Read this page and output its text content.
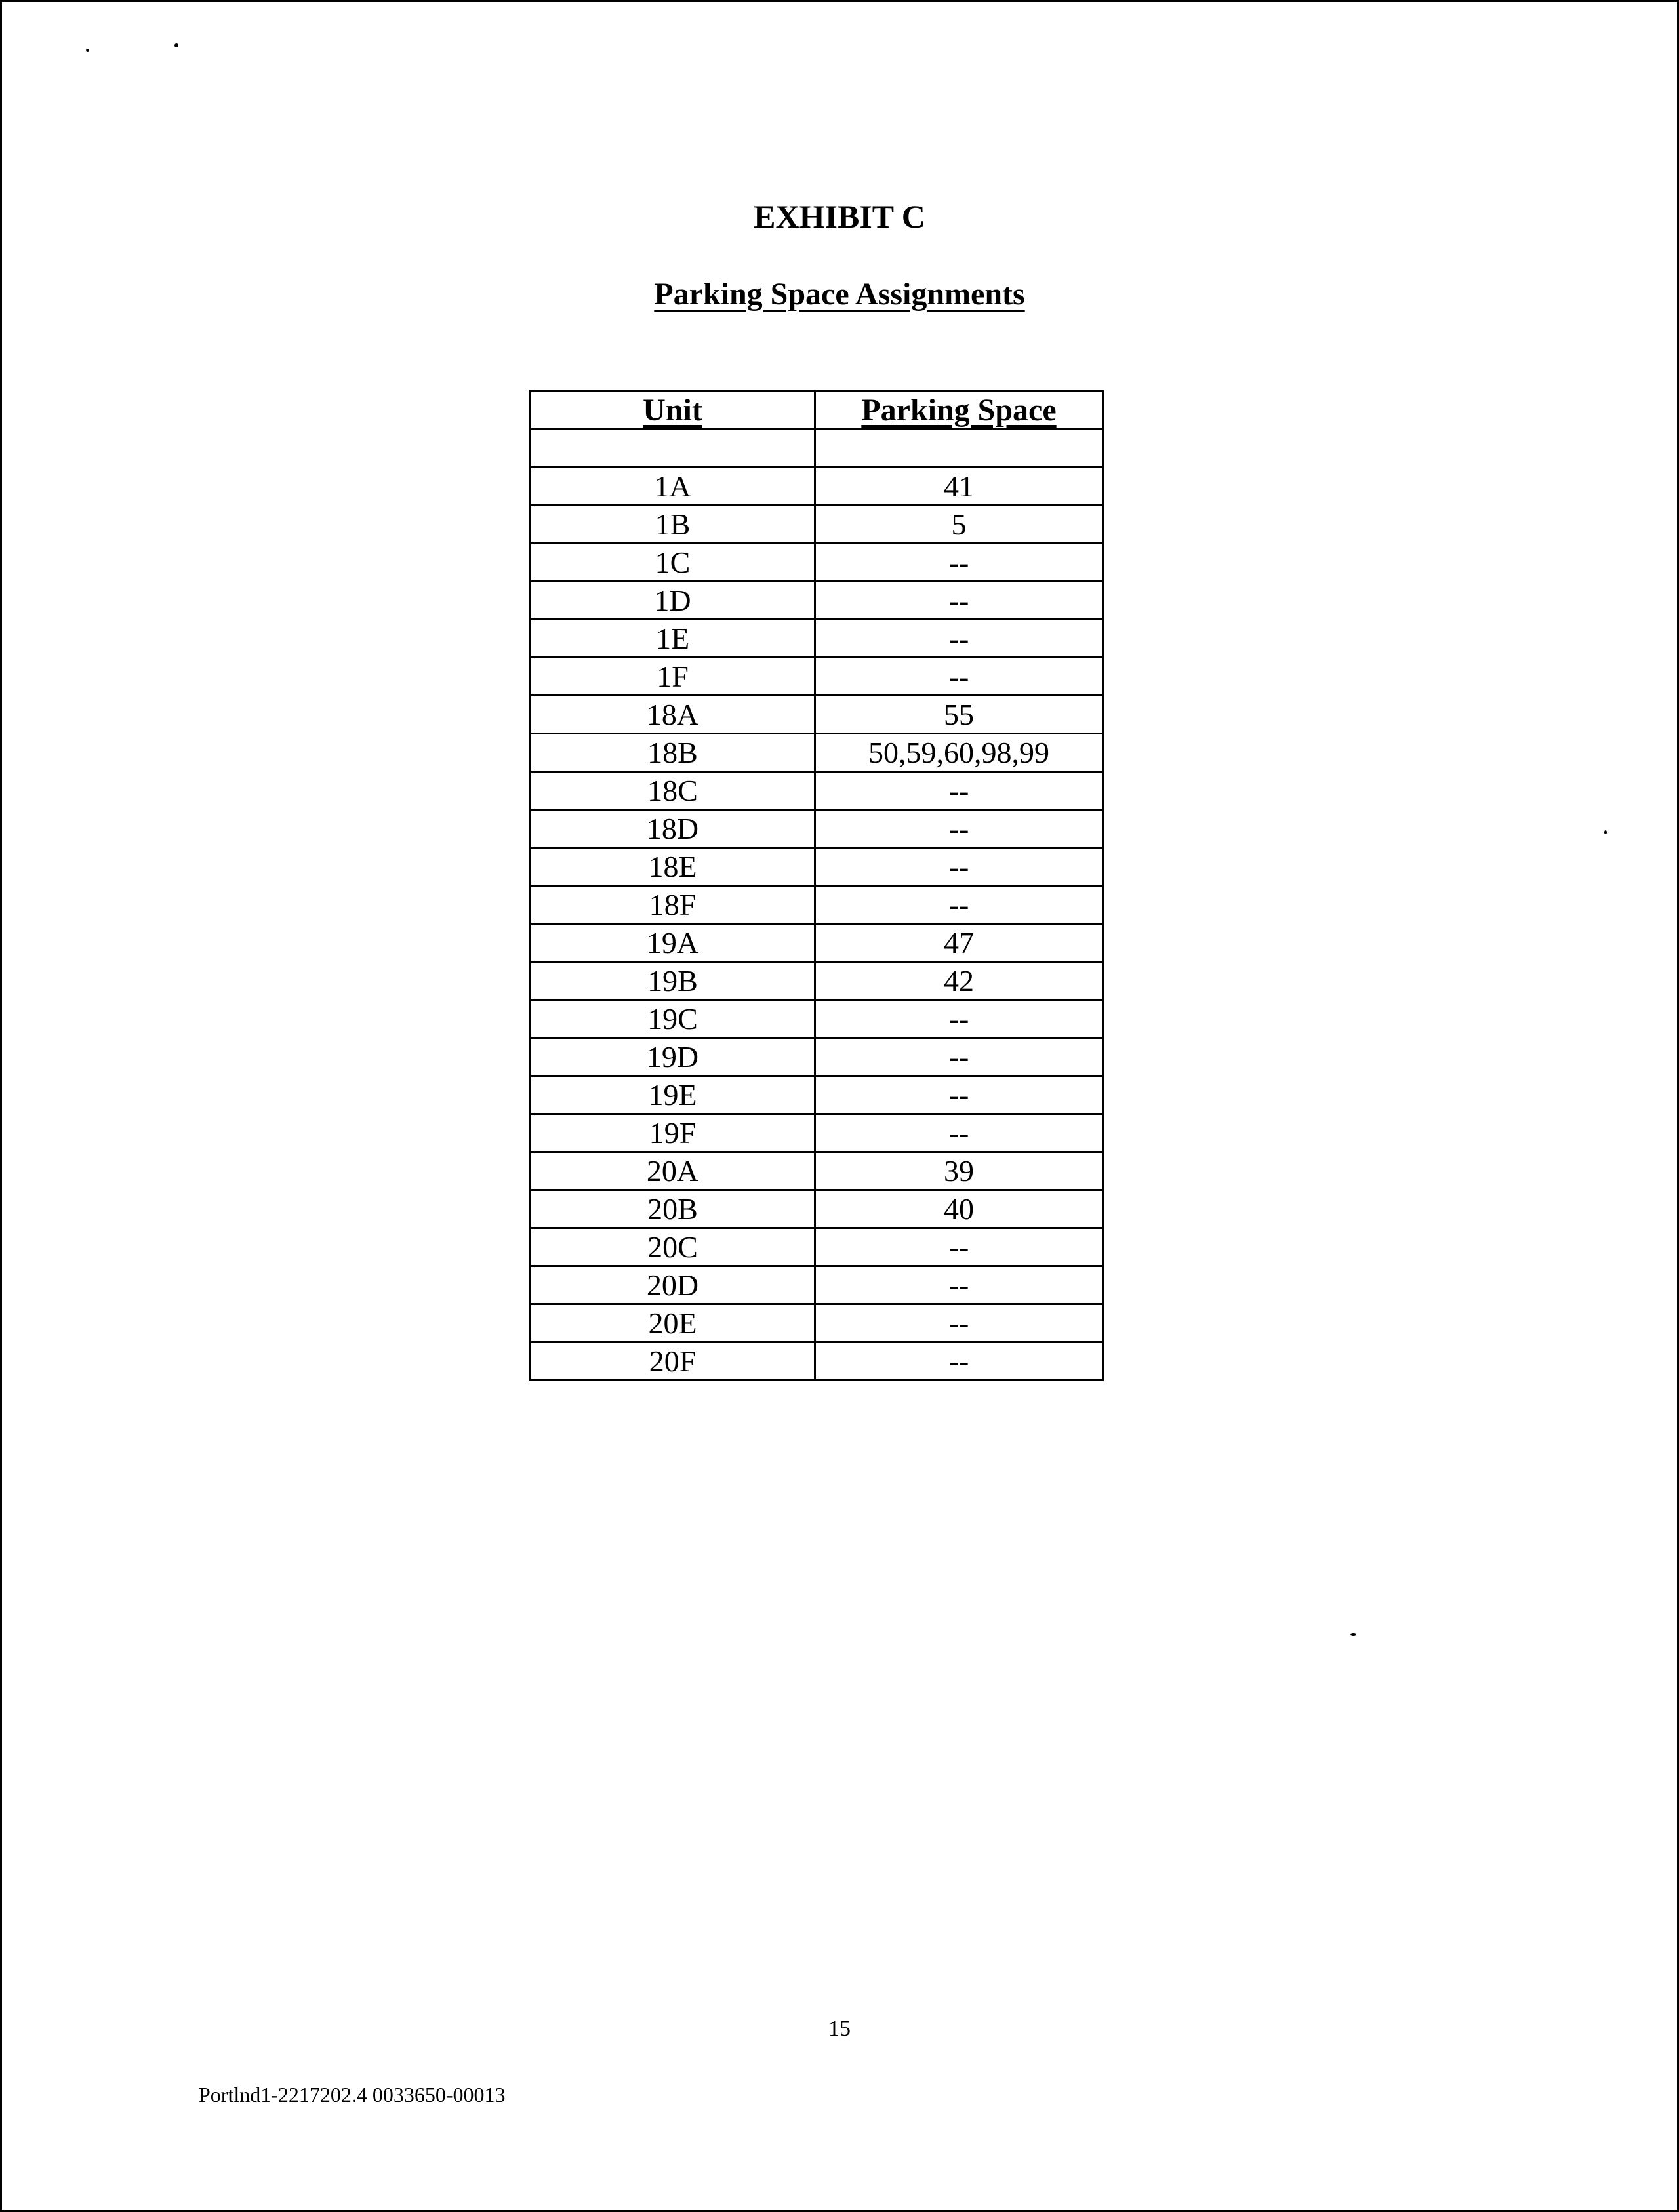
EXHIBIT C
Parking Space Assignments
Unit	Parking Space

1A	41
1B	5
1C	--
1D	--
1E	--
1F	--
18A	55
18B	50,59,60,98,99
18C	--
18D	--
18E	--
18F	--
19A	47
19B	42
19C	--
19D	--
19E	--
19F	--
20A	39
20B	40
20C	--
20D	--
20E	--
20F	--

15

Portlnd1-2217202.4 0033650-00013
